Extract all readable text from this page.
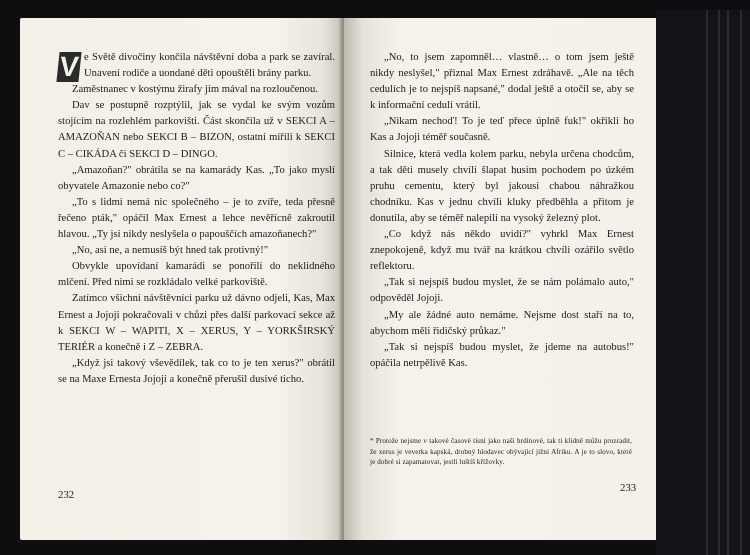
V e Světě divočiny končila návštěvní doba a park se zavíral. Unavení rodiče a uondané děti opouštěli brány parku.

Zaměstnanec v kostýmu žirafy jim mával na rozloučenou.

Dav se postupně rozptýlil, jak se vydal ke svým vozům stojícím na rozlehlém parkovišti. Část skončila už v SEKCI A – AMAZOŇAN nebo SEKCI B – BIZON, ostatní mířili k SEKCI C – CIKÁDA či SEKCI D – DINGO.

„Amazoňan?" obrátila se na kamarády Kas. „To jako myslí obyvatele Amazonie nebo co?"

„To s lidmi nemá nic společného – je to zvíře, teda přesně řečeno pták," opáčil Max Ernest a lehce nevěřícně zakroutil hlavou. „Ty jsi nikdy neslyšela o papouščích amazoňanech?"

„No, asi ne, a nemusíš být hned tak protivný!"

Obvykle upovídaní kamarádi se ponořili do neklidného mlčení. Před nimi se rozkládalo velké parkoviště.

Zatímco všichni návštěvníci parku už dávno odjeli, Kas, Max Ernest a Jojoji pokračovali v chůzi přes další parkovací sekce až k SEKCI W – WAPITI, X – XERUS, Y – YORKŠIRSKÝ TERIÉR a konečně i Z – ZEBRA.

„Když jsi takový vševědílek, tak co to je ten xerus?" obrátil se na Maxe Ernesta Jojoji a konečně přerušil dusivé ticho.

232

„No, to jsem zapomněl… vlastně… o tom jsem ještě nikdy neslyšel," přiznal Max Ernest zdráhavě. „Ale na těch cedulích je to nejspíš napsané," dodal ještě a otočil se, aby se k informační ceduli vrátil.

„Nikam nechoď! To je teď přece úplně fuk!" okřikli ho Kas a Jojoji téměř současně.

Silnice, která vedla kolem parku, nebyla určena chodcům, a tak děti musely chvíli šlapat husím pochodem po úzkém pruhu cementu, který byl jakousi chabou náhražkou chodníku. Kas v jednu chvíli kluky předběhla a přitom je donutila, aby se téměř nalepili na vysoký železný plot.

„Co když nás někdo uvidí?" vyhrkl Max Ernest znepokojeně, když mu tvář na krátkou chvíli ozářilo světlo reflektoru.

„Tak si nejspíš budou myslet, že se nám polámalo auto," odpověděl Jojoji.

„My ale žádné auto nemáme. Nejsme dost staří na to, abychom měli řidičský průkaz."

„Tak si nejspíš budou myslet, že jdeme na autobus!" opáčila netrpělivě Kas.

* Protože nejsme v takové časové tísni jako naši hrdinové, tak ti klidně můžu prozradit, že xerus je veverka kapská, drobný hlodavec obývající jižní Afriku. A je to slovo, které je dobré si zapamatovat, jestli luštíš křížovky.
233
